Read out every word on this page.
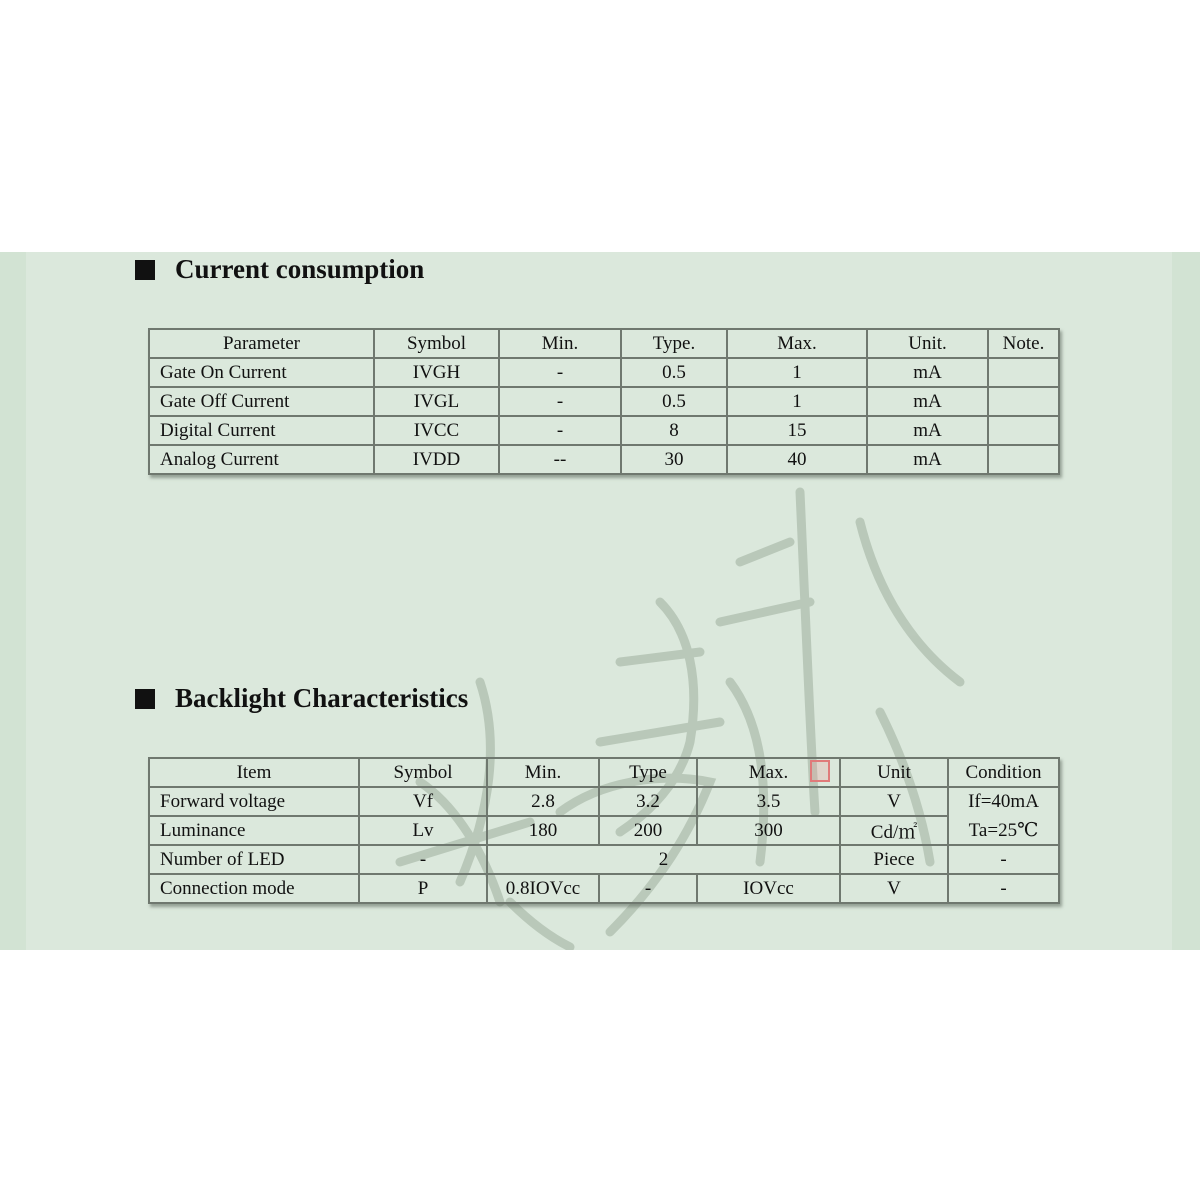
Current consumption
Parameter	Symbol	Min.	Type.	Max.	Unit.	Note.
Gate On Current	IVGH	-	0.5	1	mA	
Gate Off Current	IVGL	-	0.5	1	mA	
Digital Current	IVCC	-	8	15	mA	
Analog Current	IVDD	--	30	40	mA	
Backlight Characteristics
Item	Symbol	Min.	Type	Max.	Unit	Condition
Forward voltage	Vf	2.8	3.2	3.5	V	If=40mA
Luminance	Lv	180	200	300	Cd/㎡	Ta=25℃
Number of LED	-	2			Piece	-
Connection mode	P	0.8IOVcc	-	IOVcc	V	-
